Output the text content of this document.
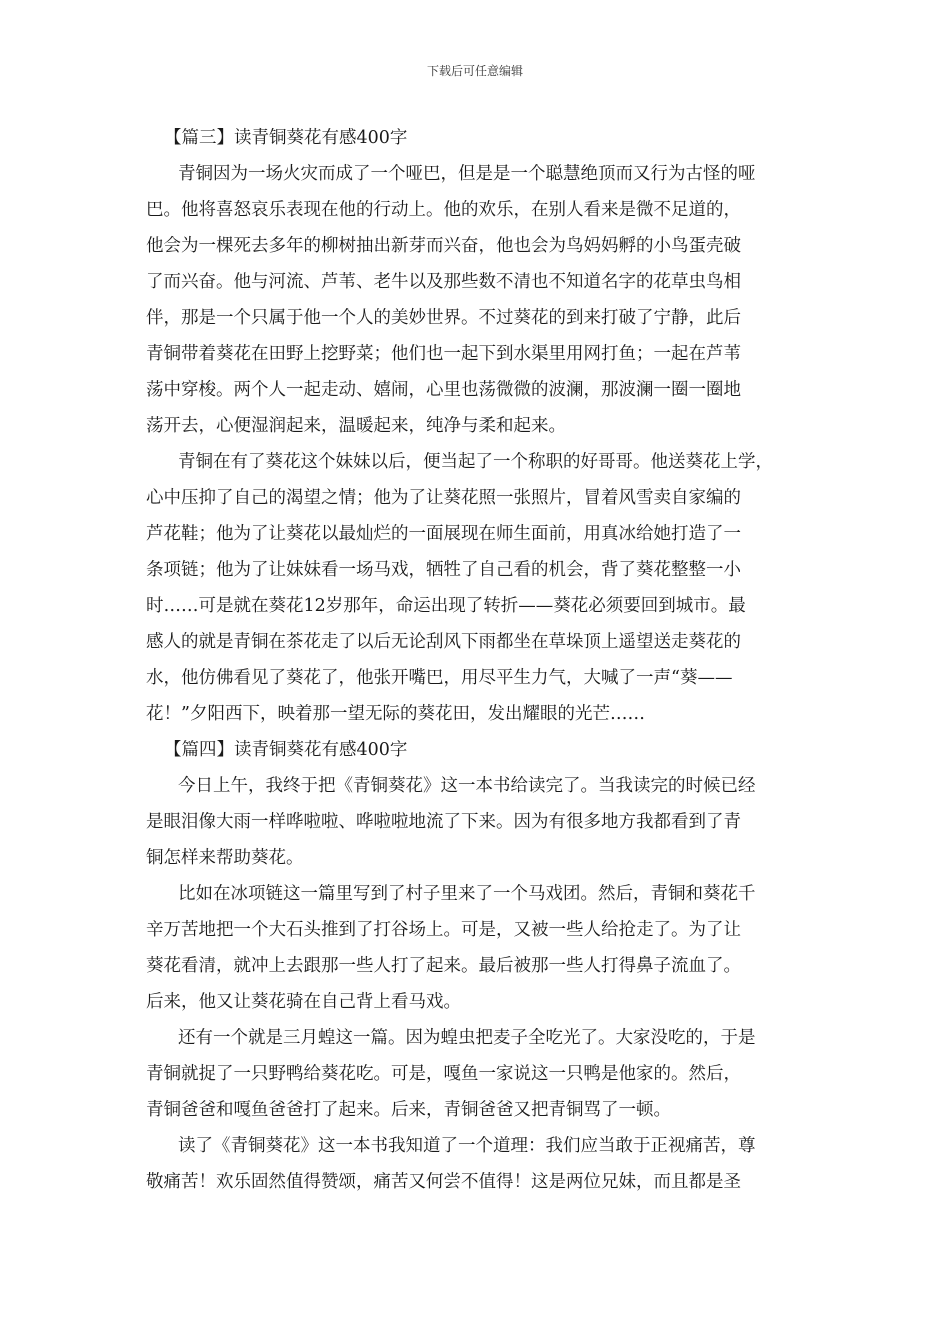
下载后可任意编辑
【篇三】读青铜葵花有感400字
青铜因为一场火灾而成了一个哑巴，但是是一个聪慧绝顶而又行为古怪的哑
巴。他将喜怒哀乐表现在他的行动上。他的欢乐，在别人看来是微不足道的，
他会为一棵死去多年的柳树抽出新芽而兴奋，他也会为鸟妈妈孵的小鸟蛋壳破
了而兴奋。他与河流、芦苇、老牛以及那些数不清也不知道名字的花草虫鸟相
伴，那是一个只属于他一个人的美妙世界。不过葵花的到来打破了宁静，此后
青铜带着葵花在田野上挖野菜；他们也一起下到水渠里用网打鱼；一起在芦苇
荡中穿梭。两个人一起走动、嬉闹，心里也荡微微的波澜，那波澜一圈一圈地
荡开去，心便湿润起来，温暖起来，纯净与柔和起来。
青铜在有了葵花这个妹妹以后，便当起了一个称职的好哥哥。他送葵花上学，
心中压抑了自己的渴望之情；他为了让葵花照一张照片，冒着风雪卖自家编的
芦花鞋；他为了让葵花以最灿烂的一面展现在师生面前，用真冰给她打造了一
条项链；他为了让妹妹看一场马戏，牺牲了自己看的机会，背了葵花整整一小
时……可是就在葵花12岁那年，命运出现了转折——葵花必须要回到城市。最
感人的就是青铜在茶花走了以后无论刮风下雨都坐在草垛顶上遥望送走葵花的
水，他仿佛看见了葵花了，他张开嘴巴，用尽平生力气，大喊了一声“葵——
花！”夕阳西下，映着那一望无际的葵花田，发出耀眼的光芒……
【篇四】读青铜葵花有感400字
今日上午，我终于把《青铜葵花》这一本书给读完了。当我读完的时候已经
是眼泪像大雨一样哗啦啦、哗啦啦地流了下来。因为有很多地方我都看到了青
铜怎样来帮助葵花。
比如在冰项链这一篇里写到了村子里来了一个马戏团。然后，青铜和葵花千
辛万苦地把一个大石头推到了打谷场上。可是，又被一些人给抢走了。为了让
葵花看清，就冲上去跟那一些人打了起来。最后被那一些人打得鼻子流血了。
后来，他又让葵花骑在自己背上看马戏。
还有一个就是三月蝗这一篇。因为蝗虫把麦子全吃光了。大家没吃的，于是
青铜就捉了一只野鸭给葵花吃。可是，嘎鱼一家说这一只鸭是他家的。然后，
青铜爸爸和嘎鱼爸爸打了起来。后来，青铜爸爸又把青铜骂了一顿。
读了《青铜葵花》这一本书我知道了一个道理：我们应当敢于正视痛苦，尊
敬痛苦！欢乐固然值得赞颂，痛苦又何尝不值得！这是两位兄妹，而且都是圣
